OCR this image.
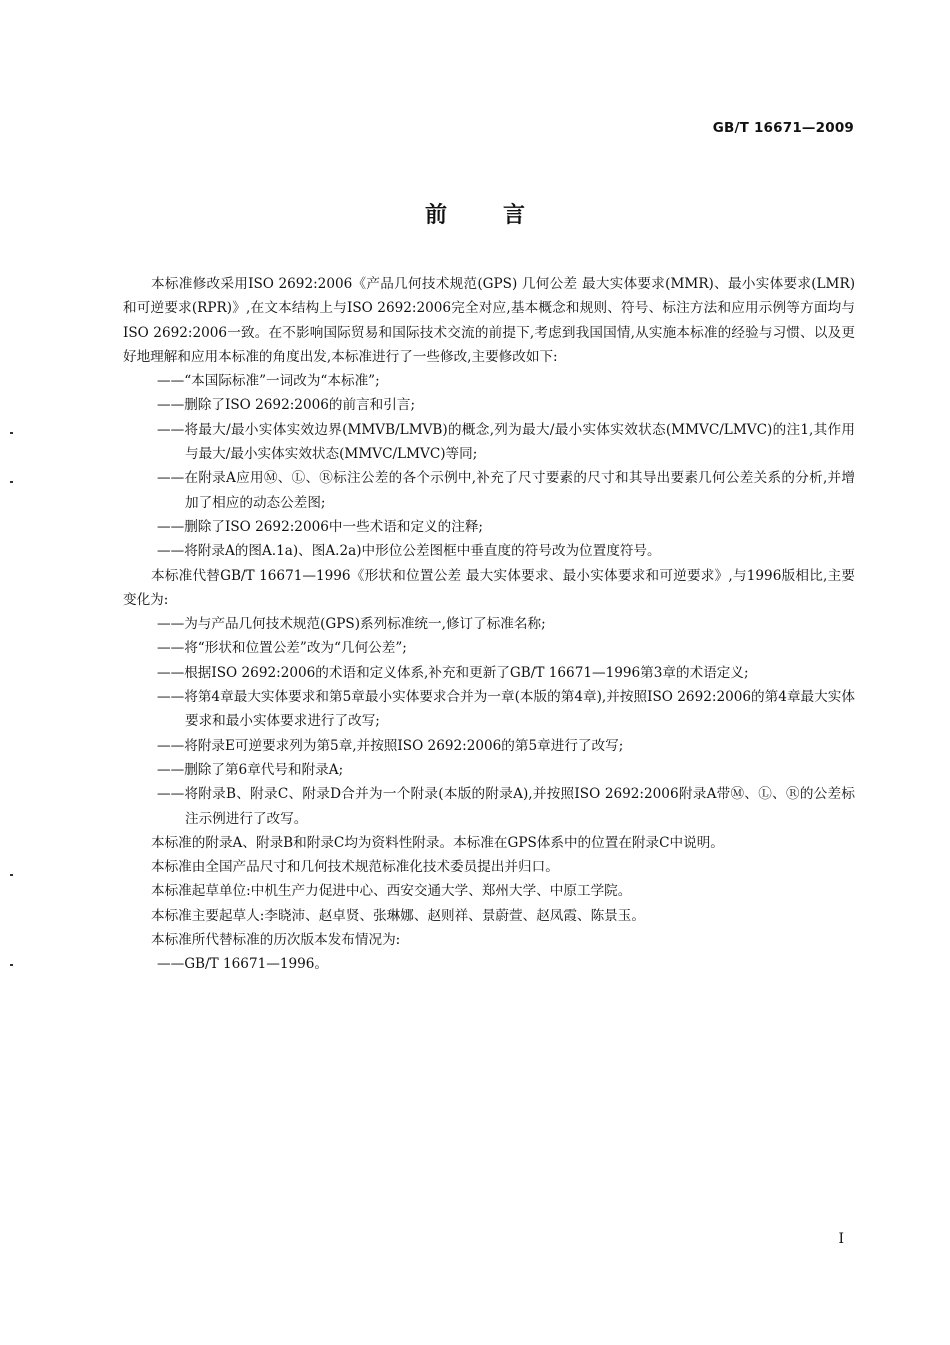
GB/T 16671—2009
前言

本标准修改采用ISO 2692:2006《产品几何技术规范(GPS) 几何公差 最大实体要求(MMR)、最小实体要求(LMR)和可逆要求(RPR)》,在文本结构上与ISO 2692:2006完全对应,基本概念和规则、符号、标注方法和应用示例等方面均与ISO 2692:2006一致。在不影响国际贸易和国际技术交流的前提下,考虑到我国国情,从实施本标准的经验与习惯、以及更好地理解和应用本标准的角度出发,本标准进行了一些修改,主要修改如下:

——“本国际标准”一词改为“本标准”;

——删除了ISO 2692:2006的前言和引言;

——将最大/最小实体实效边界(MMVB/LMVB)的概念,列为最大/最小实体实效状态(MMVC/LMVC)的注1,其作用与最大/最小实体实效状态(MMVC/LMVC)等同;

——在附录A应用Ⓜ、Ⓛ、Ⓡ标注公差的各个示例中,补充了尺寸要素的尺寸和其导出要素几何公差关系的分析,并增加了相应的动态公差图;

——删除了ISO 2692:2006中一些术语和定义的注释;

——将附录A的图A.1a)、图A.2a)中形位公差图框中垂直度的符号改为位置度符号。

本标准代替GB/T 16671—1996《形状和位置公差 最大实体要求、最小实体要求和可逆要求》,与1996版相比,主要变化为:

——为与产品几何技术规范(GPS)系列标准统一,修订了标准名称;

——将“形状和位置公差”改为“几何公差”;

——根据ISO 2692:2006的术语和定义体系,补充和更新了GB/T 16671—1996第3章的术语定义;

——将第4章最大实体要求和第5章最小实体要求合并为一章(本版的第4章),并按照ISO 2692:2006的第4章最大实体要求和最小实体要求进行了改写;

——将附录E可逆要求列为第5章,并按照ISO 2692:2006的第5章进行了改写;

——删除了第6章代号和附录A;

——将附录B、附录C、附录D合并为一个附录(本版的附录A),并按照ISO 2692:2006附录A带Ⓜ、Ⓛ、Ⓡ的公差标注示例进行了改写。

本标准的附录A、附录B和附录C均为资料性附录。本标准在GPS体系中的位置在附录C中说明。

本标准由全国产品尺寸和几何技术规范标准化技术委员提出并归口。

本标准起草单位:中机生产力促进中心、西安交通大学、郑州大学、中原工学院。

本标准主要起草人:李晓沛、赵卓贤、张琳娜、赵则祥、景蔚萱、赵凤霞、陈景玉。

本标准所代替标准的历次版本发布情况为:

——GB/T 16671—1996。

I
